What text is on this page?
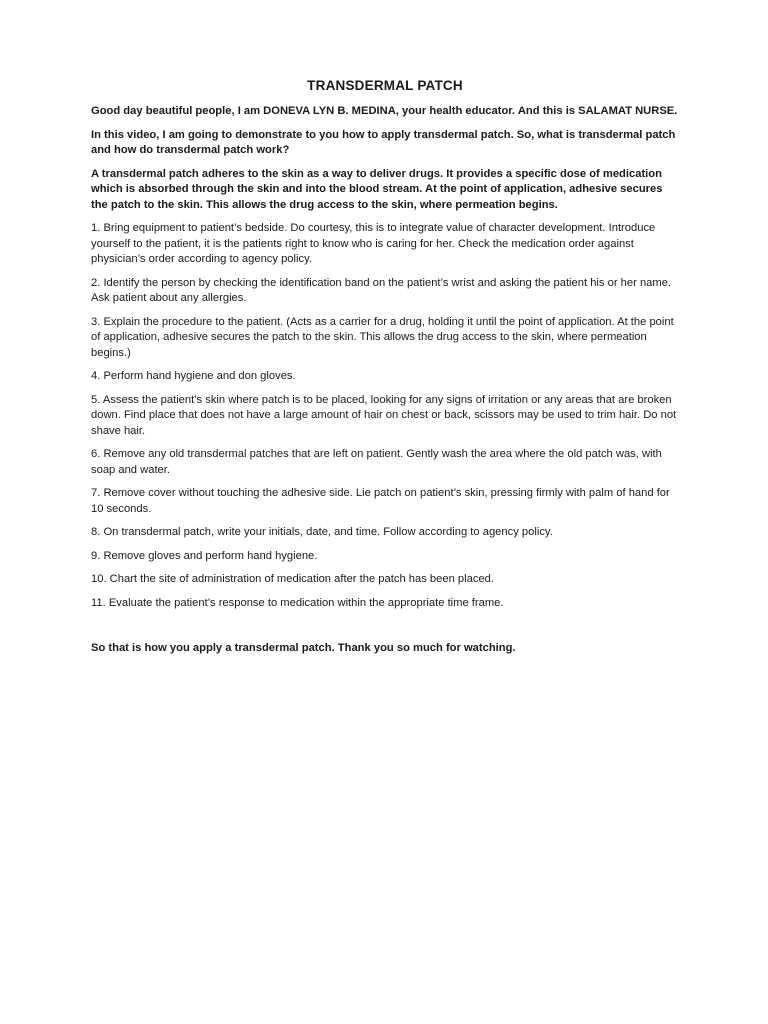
TRANSDERMAL PATCH

Good day beautiful people, I am DONEVA LYN B. MEDINA, your health educator. And this is SALAMAT NURSE.

In this video, I am going to demonstrate to you how to apply transdermal patch. So, what is transdermal patch and how do transdermal patch work?

A transdermal patch adheres to the skin as a way to deliver drugs. It provides a specific dose of medication which is absorbed through the skin and into the blood stream. At the point of application, adhesive secures the patch to the skin. This allows the drug access to the skin, where permeation begins.

1. Bring equipment to patient’s bedside. Do courtesy, this is to integrate value of character development. Introduce yourself to the patient, it is the patients right to know who is caring for her. Check the medication order against physician’s order according to agency policy.

2. Identify the person by checking the identification band on the patient’s wrist and asking the patient his or her name. Ask patient about any allergies.

3. Explain the procedure to the patient. (Acts as a carrier for a drug, holding it until the point of application. At the point of application, adhesive secures the patch to the skin. This allows the drug access to the skin, where permeation begins.)

4. Perform hand hygiene and don gloves.

5. Assess the patient’s skin where patch is to be placed, looking for any signs of irritation or any areas that are broken down. Find place that does not have a large amount of hair on chest or back, scissors may be used to trim hair. Do not shave hair.

6. Remove any old transdermal patches that are left on patient. Gently wash the area where the old patch was, with soap and water.

7. Remove cover without touching the adhesive side. Lie patch on patient’s skin, pressing firmly with palm of hand for 10 seconds.

8. On transdermal patch, write your initials, date, and time. Follow according to agency policy.

9. Remove gloves and perform hand hygiene.

10. Chart the site of administration of medication after the patch has been placed.

11. Evaluate the patient’s response to medication within the appropriate time frame.

So that is how you apply a transdermal patch. Thank you so much for watching.
